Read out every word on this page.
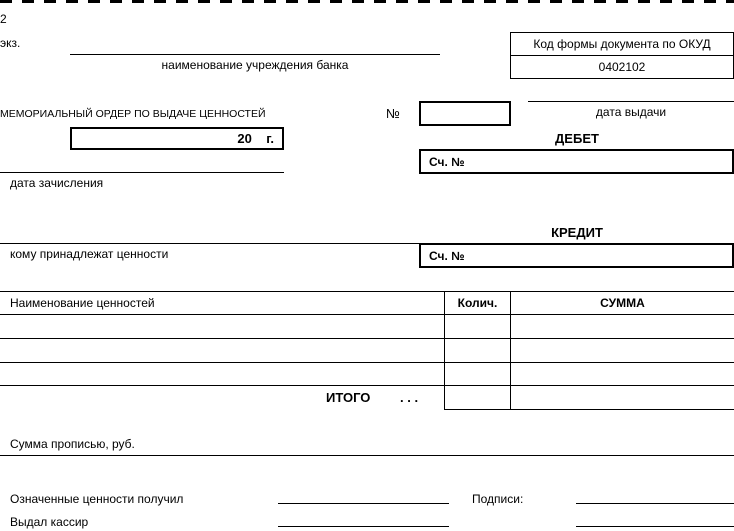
2
экз.
наименование учреждения банка
Код формы документа по ОКУД
0402102
МЕМОРИАЛЬНЫЙ ОРДЕР ПО ВЫДАЧЕ ЦЕННОСТЕЙ	№	дата выдачи
20    г.	ДЕБЕТ
Сч. №
дата зачисления
КРЕДИТ
кому принадлежат ценности	Сч. №
Наименование ценностей	Колич.	СУММА
ИТОГО . . .
Сумма прописью, руб.
Означенные ценности получил	Подписи:
Выдал кассир
